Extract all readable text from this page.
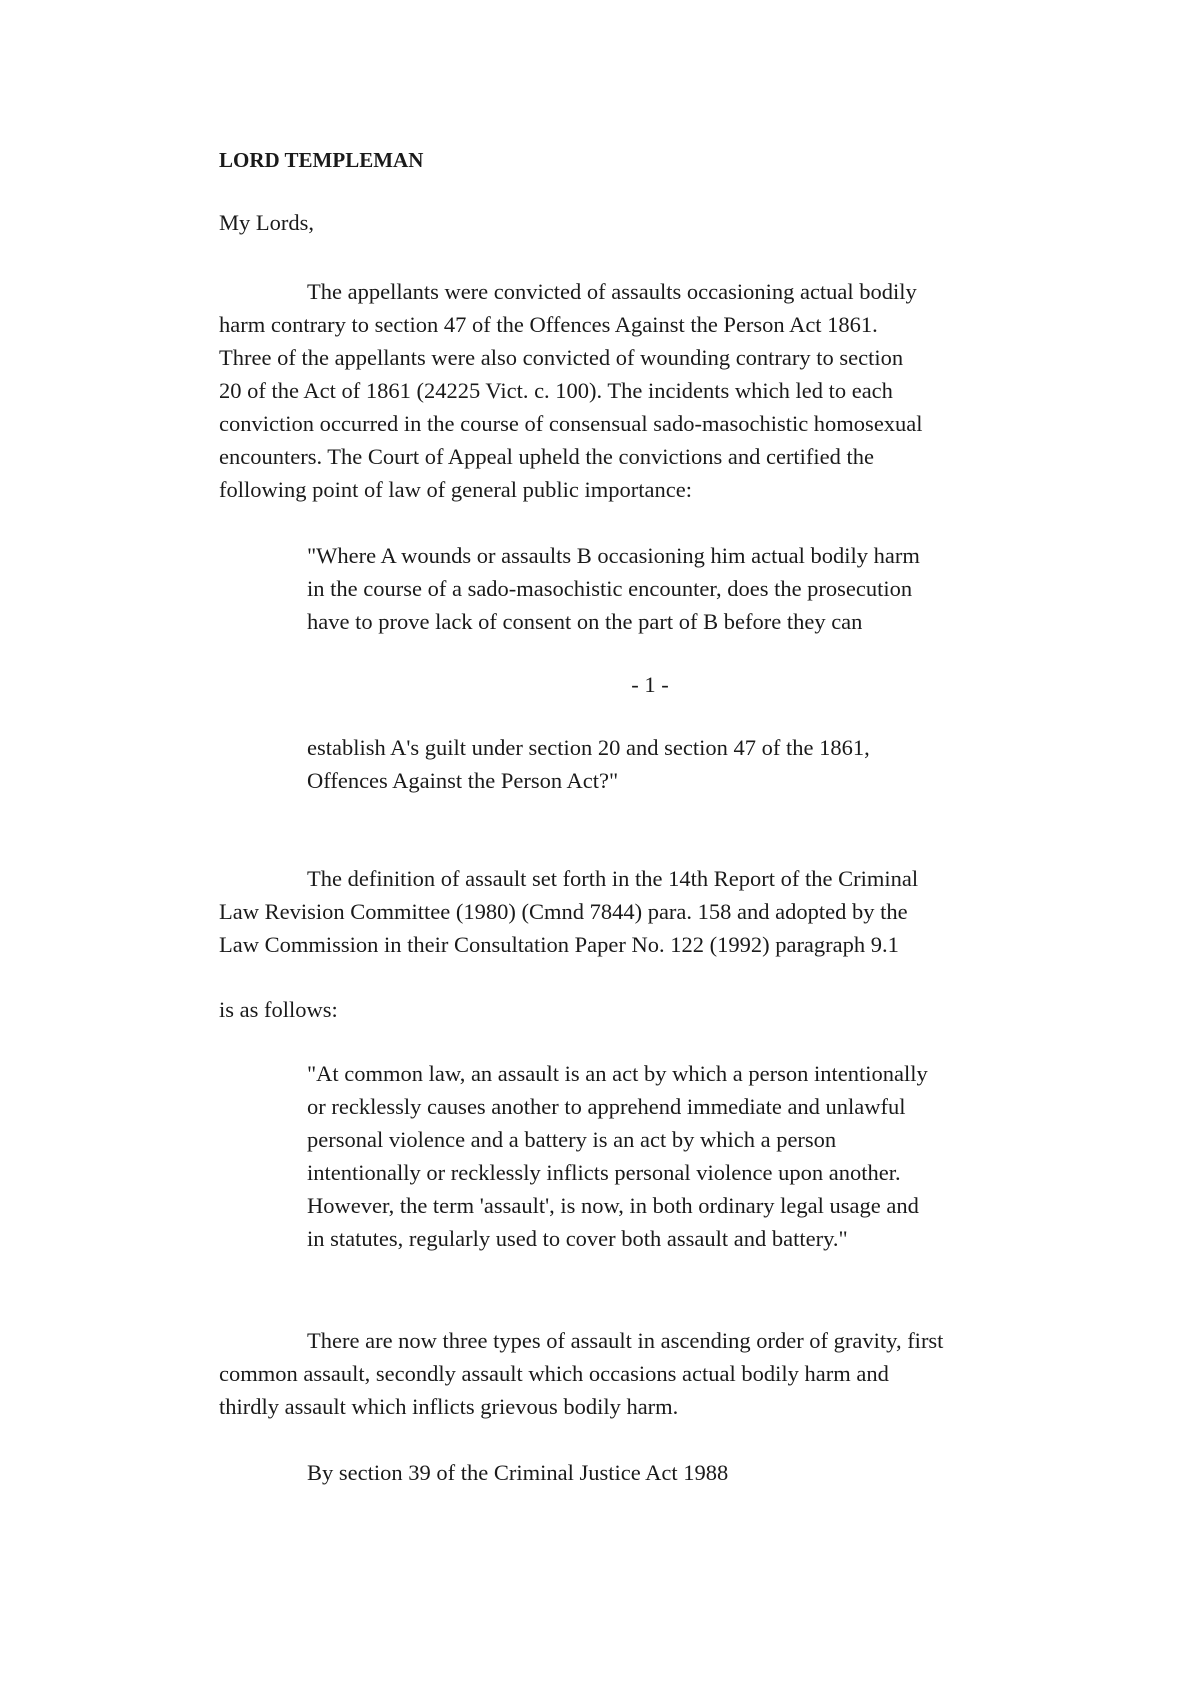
LORD TEMPLEMAN

My Lords,

The appellants were convicted of assaults occasioning actual bodily
harm contrary to section 47 of the Offences Against the Person Act 1861.
Three of the appellants were also convicted of wounding contrary to section
20 of the Act of 1861 (24225 Vict. c. 100). The incidents which led to each
conviction occurred in the course of consensual sado-masochistic homosexual
encounters. The Court of Appeal upheld the convictions and certified the
following point of law of general public importance:
"Where A wounds or assaults B occasioning him actual bodily harm
in the course of a sado-masochistic encounter, does the prosecution
have to prove lack of consent on the part of B before they can

- 1 -

establish A's guilt under section 20 and section 47 of the 1861,
Offences Against the Person Act?"
The definition of assault set forth in the 14th Report of the Criminal
Law Revision Committee (1980) (Cmnd 7844) para. 158 and adopted by the
Law Commission in their Consultation Paper No. 122 (1992) paragraph 9.1

is as follows:

"At common law, an assault is an act by which a person intentionally
or recklessly causes another to apprehend immediate and unlawful
personal violence and a battery is an act by which a person
intentionally or recklessly inflicts personal violence upon another.
However, the term 'assault', is now, in both ordinary legal usage and
in statutes, regularly used to cover both assault and battery."
There are now three types of assault in ascending order of gravity, first
common assault, secondly assault which occasions actual bodily harm and
thirdly assault which inflicts grievous bodily harm.

By section 39 of the Criminal Justice Act 1988
